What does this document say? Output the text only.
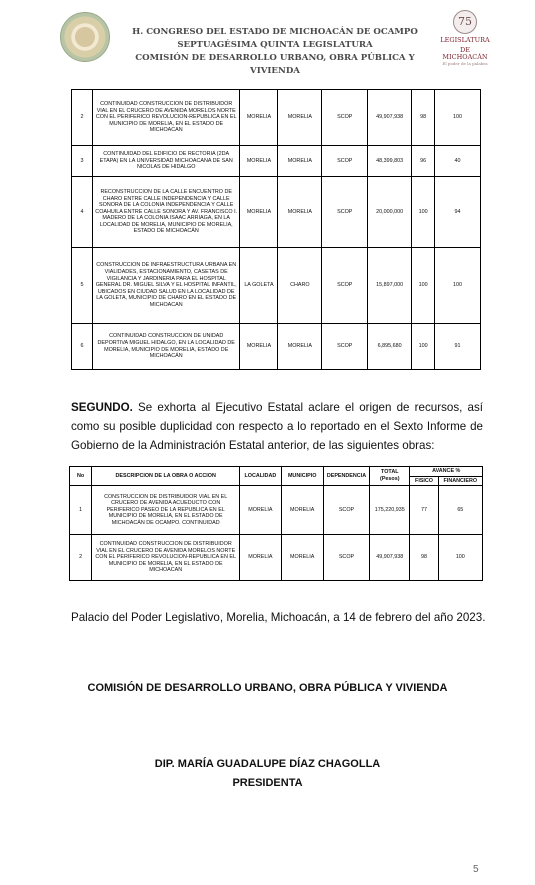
H. CONGRESO DEL ESTADO DE MICHOACÁN DE OCAMPO
SEPTUAGÉSIMA QUINTA LEGISLATURA
COMISIÓN DE DESARROLLO URBANO, OBRA PÚBLICA Y VIVIENDA
75
LEGISLATURA
DE MICHOACÁN
El poder de la palabra
2	CONTINUIDAD CONSTRUCCION DE DISTRIBUIDOR VIAL EN EL CRUCERO DE AVENIDA MORELOS NORTE CON EL PERIFERICO REVOLUCION-REPUBLICA EN EL MUNICIPIO DE MORELIA, EN EL ESTADO DE MICHOACAN	MORELIA	MORELIA	SCOP	49,907,938	98	100
3	CONTINUIDAD DEL EDIFICIO DE RECTORIA (2DA ETAPA) EN LA UNIVERSIDAD MICHOACANA DE SAN NICOLAS DE HIDALGO	MORELIA	MORELIA	SCOP	48,399,803	96	40
4	RECONSTRUCCION DE LA CALLE ENCUENTRO DE CHARO ENTRE CALLE INDEPENDENCIA Y CALLE SONORA DE LA COLONIA INDEPENDENCIA Y CALLE COAHUILA ENTRE CALLE SONORA Y AV. FRANCISCO I. MADERO DE LA COLONIA ISAAC ARRIAGA, EN LA LOCALIDAD DE MORELIA, MUNICIPIO DE MORELIA, ESTADO DE MICHOACÁN	MORELIA	MORELIA	SCOP	20,000,000	100	94
5	CONSTRUCCION DE INFRAESTRUCTURA URBANA EN VIALIDADES, ESTACIONAMIENTO, CASETAS DE VIGILANCIA Y JARDINERIA PARA EL HOSPITAL GENERAL DR. MIGUEL SILVA Y EL HOSPITAL INFANTIL, UBICADOS EN CIUDAD SALUD EN LA LOCALIDAD DE LA GOLETA, MUNICIPIO DE CHARO EN EL ESTADO DE MICHOACAN	LA GOLETA	CHARO	SCOP	15,897,000	100	100
6	CONTINUIDAD CONSTRUCCION DE UNIDAD DEPORTIVA MIGUEL HIDALGO, EN LA LOCALIDAD DE MORELIA, MUNICIPIO DE MORELIA, ESTADO DE MICHOACÁN	MORELIA	MORELIA	SCOP	6,895,680	100	91
SEGUNDO. Se exhorta al Ejecutivo Estatal aclare el origen de recursos, así como su posible duplicidad con respecto a lo reportado en el Sexto Informe de Gobierno de la Administración Estatal anterior, de las siguientes obras:
No	DESCRIPCION DE LA OBRA O ACCION	LOCALIDAD	MUNICIPIO	DEPENDENCIA	TOTAL (Pesos)	AVANCE %	
						FISICO	FINANCIERO
1	CONSTRUCCION DE DISTRIBUIDOR VIAL EN EL CRUCERO DE AVENIDA ACUEDUCTO CON PERIFERICO PASEO DE LA REPUBLICA EN EL MUNICIPIO DE MORELIA, EN EL ESTADO DE MICHOACÁN DE OCAMPO. CONTINUIDAD	MORELIA	MORELIA	SCOP	175,220,935	77	65
2	CONTINUIDAD CONSTRUCCION DE DISTRIBUIDOR VIAL EN EL CRUCERO DE AVENIDA MORELOS NORTE CON EL PERIFERICO REVOLUCION-REPUBLICA EN EL MUNICIPIO DE MORELIA, EN EL ESTADO DE MICHOACAN	MORELIA	MORELIA	SCOP	49,907,938	98	100
Palacio del Poder Legislativo, Morelia, Michoacán, a 14 de febrero del año 2023.
COMISIÓN DE DESARROLLO URBANO, OBRA PÚBLICA Y VIVIENDA
DIP. MARÍA GUADALUPE DÍAZ CHAGOLLA
PRESIDENTA
5
